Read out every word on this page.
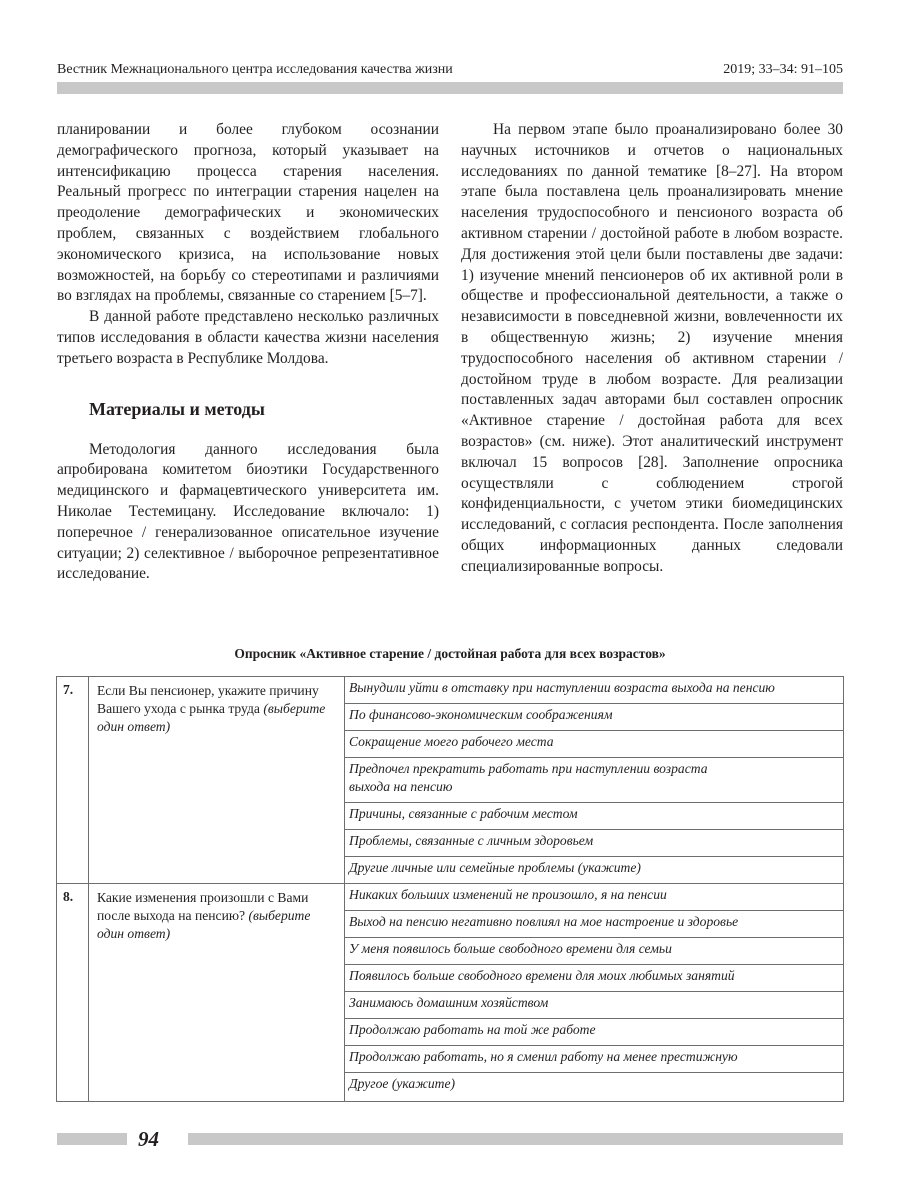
Вестник Межнационального центра исследования качества жизни	2019; 33–34: 91–105

планировании и более глубоком осознании демографического прогноза, который указывает на интенсификацию процесса старения населения. Реальный прогресс по интеграции старения нацелен на преодоление демографических и экономических проблем, связанных с воздействием глобального экономического кризиса, на использование новых возможностей, на борьбу со стереотипами и различиями во взглядах на проблемы, связанные со старением [5–7].

В данной работе представлено несколько различных типов исследования в области качества жизни населения третьего возраста в Республике Молдова.

Материалы и методы

Методология данного исследования была апробирована комитетом биоэтики Государственного медицинского и фармацевтического университета им. Николае Тестемицану. Исследование включало: 1) поперечное / генерализованное описательное изучение ситуации; 2) селективное / выборочное репрезентативное исследование.

На первом этапе было проанализировано более 30 научных источников и отчетов о национальных исследованиях по данной тематике [8–27]. На втором этапе была поставлена цель проанализировать мнение населения трудоспособного и пенсионого возраста об активном старении / достойной работе в любом возрасте. Для достижения этой цели были поставлены две задачи: 1) изучение мнений пенсионеров об их активной роли в обществе и профессиональной деятельности, а также о независимости в повседневной жизни, вовлеченности их в общественную жизнь; 2) изучение мнения трудоспособного населения об активном старении / достойном труде в любом возрасте. Для реализации поставленных задач авторами был составлен опросник «Активное старение / достойная работа для всех возрастов» (см. ниже). Этот аналитический инструмент включал 15 вопросов [28]. Заполнение опросника осуществляли с соблюдением строгой конфиденциальности, с учетом этики биомедицинских исследований, с согласия респондента. После заполнения общих информационных данных следовали специализированные вопросы.

Опросник «Активное старение / достойная работа для всех возрастов»
7.	Если Вы пенсионер, укажите причину Вашего ухода с рынка труда (выберите один ответ)	Вынудили уйти в отставку при наступлении возраста выхода на пенсию
		По финансово-экономическим соображениям
		Сокращение моего рабочего места

		Предпочел прекратить работать при наступлении возраста выхода на пенсию

		Причины, связанные с рабочим местом
		Проблемы, связанные с личным здоровьем
		Другие личные или семейные проблемы (укажите)
8.	Какие изменения произошли с Вами после выхода на пенсию? (выберите один ответ)	Никаких больших изменений не произошло, я на пенсии
		Выход на пенсию негативно повлиял на мое настроение и здоровье
		У меня появилось больше свободного времени для семьи
		Появилось больше свободного времени для моих любимых занятий
		Занимаюсь домашним хозяйством
		Продолжаю работать на той же работе
		Продолжаю работать, но я сменил работу на менее престижную
		Другое (укажите)
94
